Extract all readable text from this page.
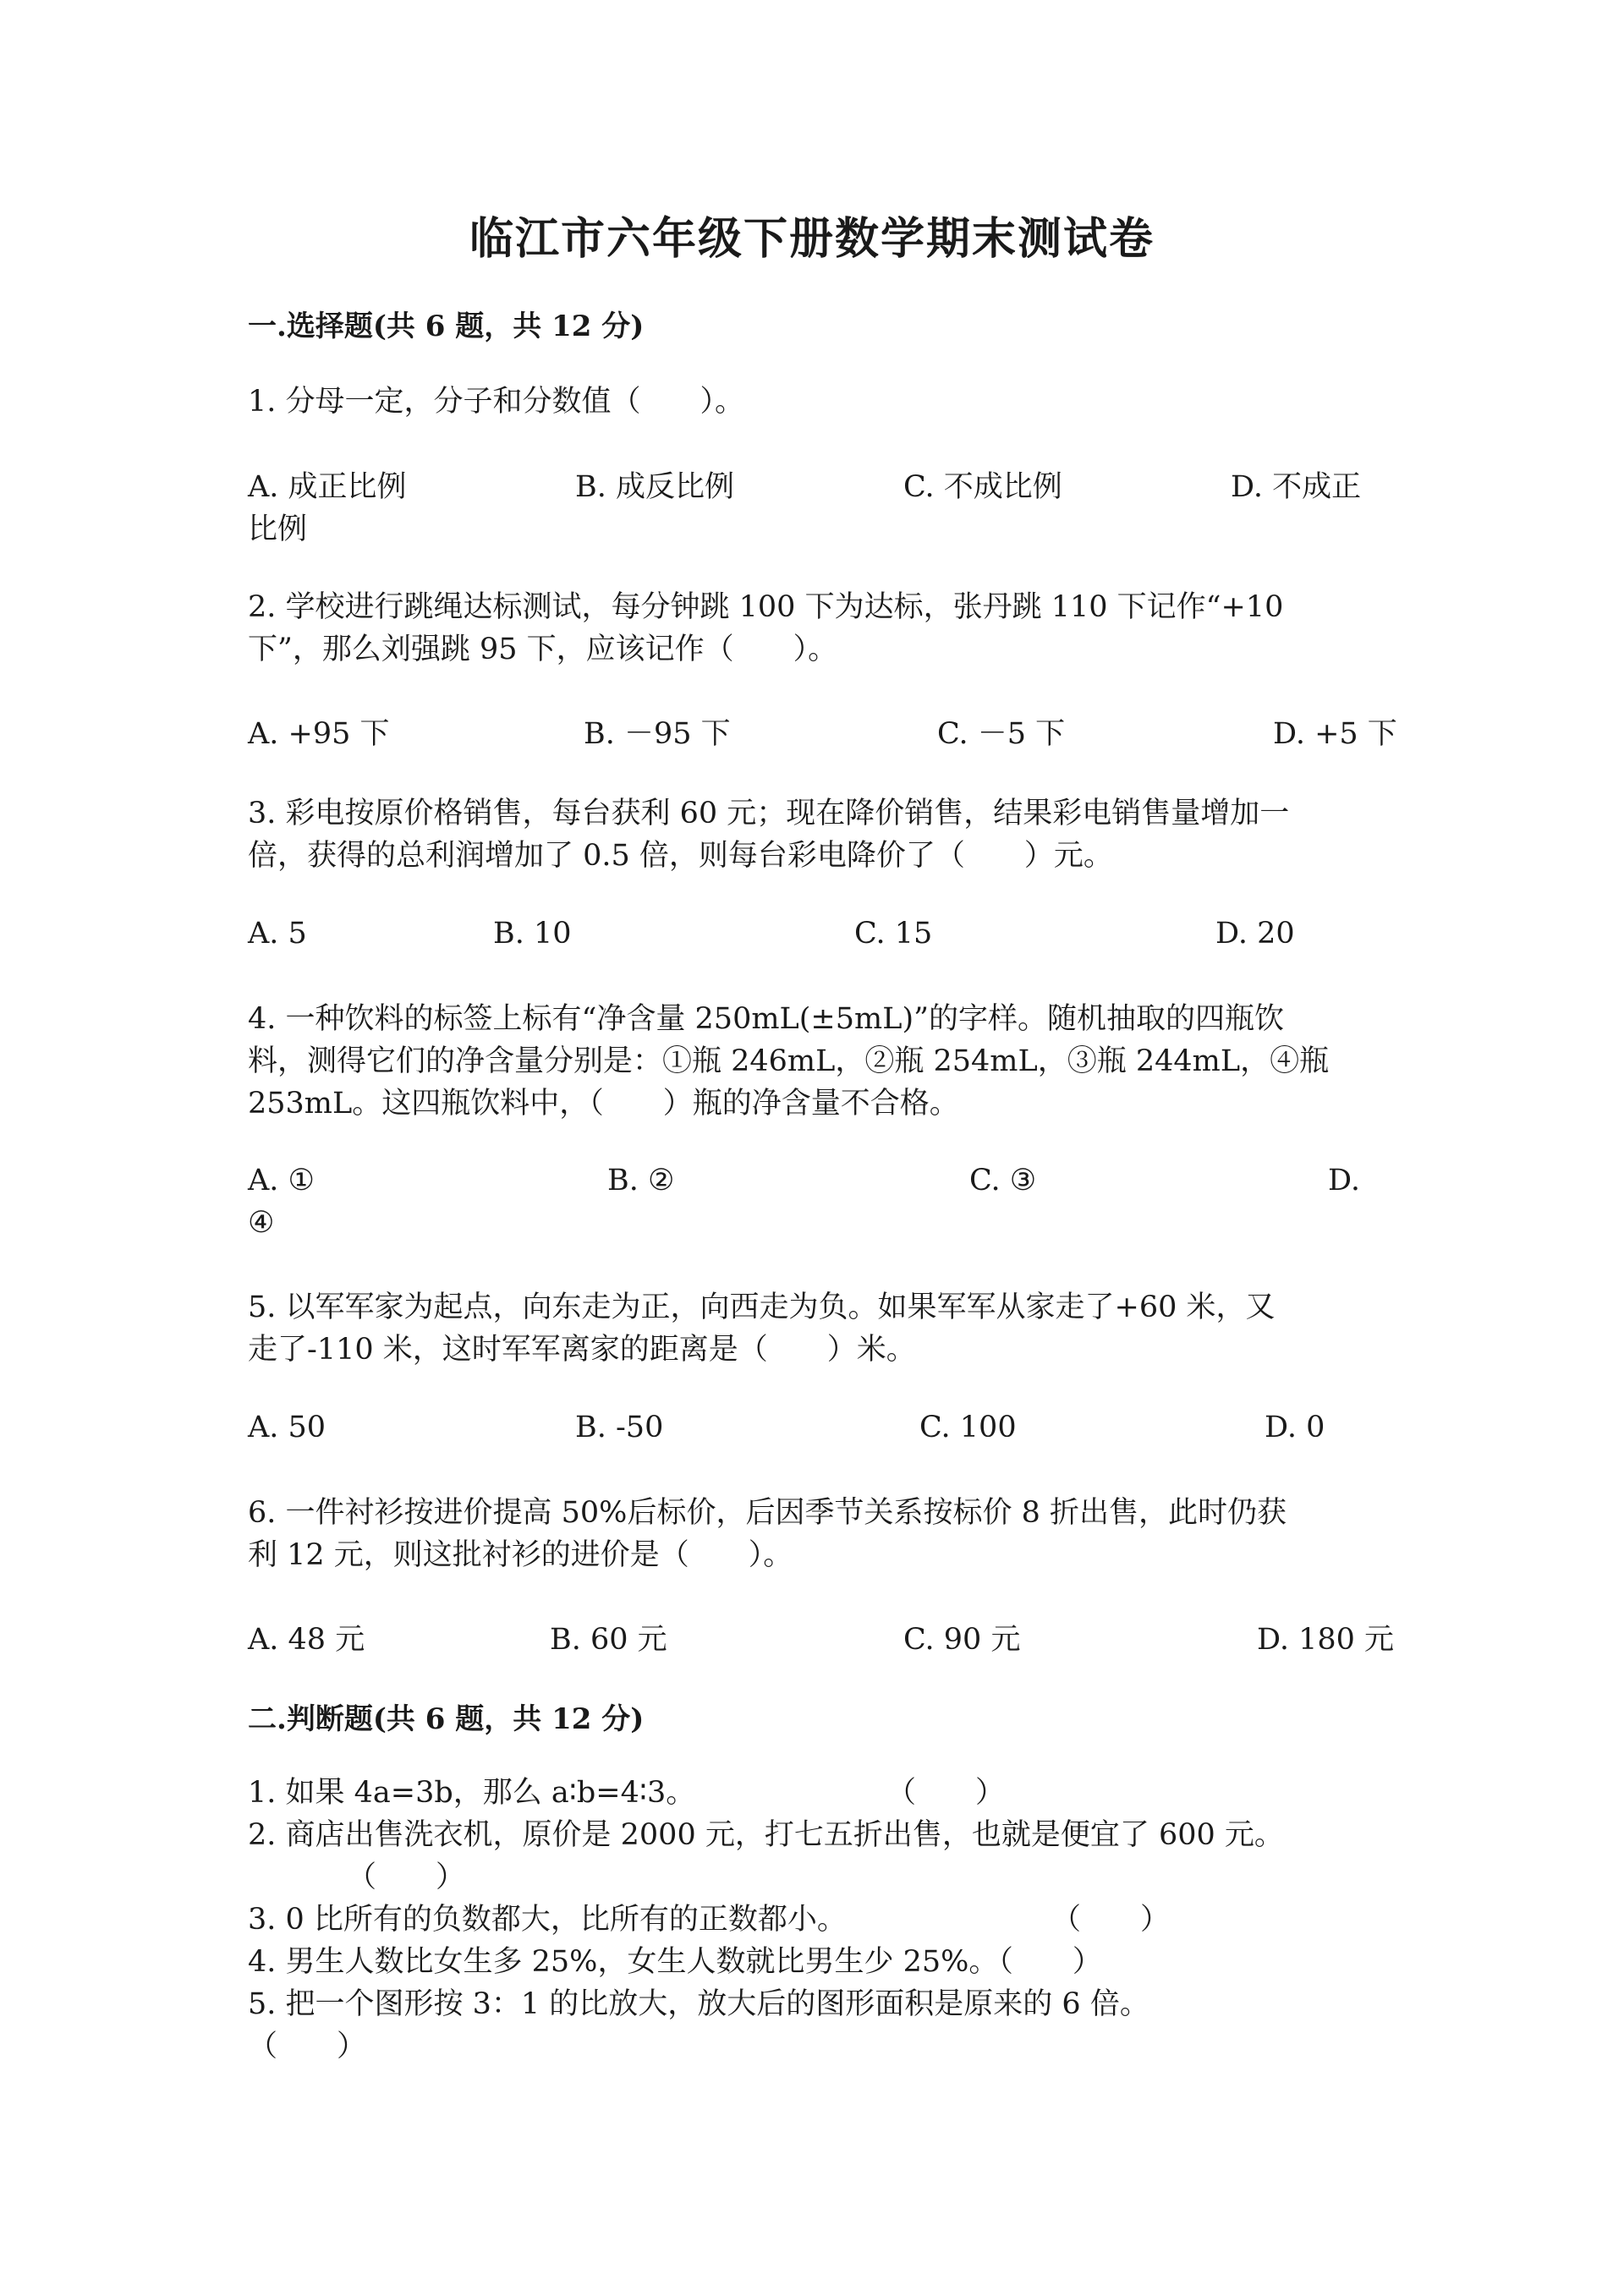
临江市六年级下册数学期末测试卷
一.选择题(共 6 题，共 12 分)
1. 分母一定，分子和分数值（　　）。
A. 成正比例	B. 成反比例	C. 不成比例	D. 不成正
比例
2. 学校进行跳绳达标测试，每分钟跳 100 下为达标，张丹跳 110 下记作“+10
下”，那么刘强跳 95 下，应该记作（　　）。
A. +95 下	B. －95 下	C. －5 下	D. +5 下
3. 彩电按原价格销售，每台获利 60 元；现在降价销售，结果彩电销售量增加一
倍，获得的总利润增加了 0.5 倍，则每台彩电降价了（　　）元。
A. 5	B. 10	C. 15	D. 20
4. 一种饮料的标签上标有“净含量 250mL(±5mL)”的字样。随机抽取的四瓶饮
料，测得它们的净含量分别是：①瓶 246mL，②瓶 254mL，③瓶 244mL，④瓶
253mL。这四瓶饮料中，（　　）瓶的净含量不合格。
A. ①	B. ②	C. ③	D.
④
5. 以军军家为起点，向东走为正，向西走为负。如果军军从家走了+60 米，又
走了-110 米，这时军军离家的距离是（　　）米。
A. 50	B. -50	C. 100	D. 0
6. 一件衬衫按进价提高 50%后标价，后因季节关系按标价 8 折出售，此时仍获
利 12 元，则这批衬衫的进价是（　　）。
A. 48 元	B. 60 元	C. 90 元	D. 180 元
二.判断题(共 6 题，共 12 分)
1. 如果 4a=3b，那么 a∶b=4∶3。	（　　）
2. 商店出售洗衣机，原价是 2000 元，打七五折出售，也就是便宜了 600 元。
（　　）
3. 0 比所有的负数都大，比所有的正数都小。	（　　）
4. 男生人数比女生多 25%，女生人数就比男生少 25%。（　　）
5. 把一个图形按 3：1 的比放大，放大后的图形面积是原来的 6 倍。
（　　）
